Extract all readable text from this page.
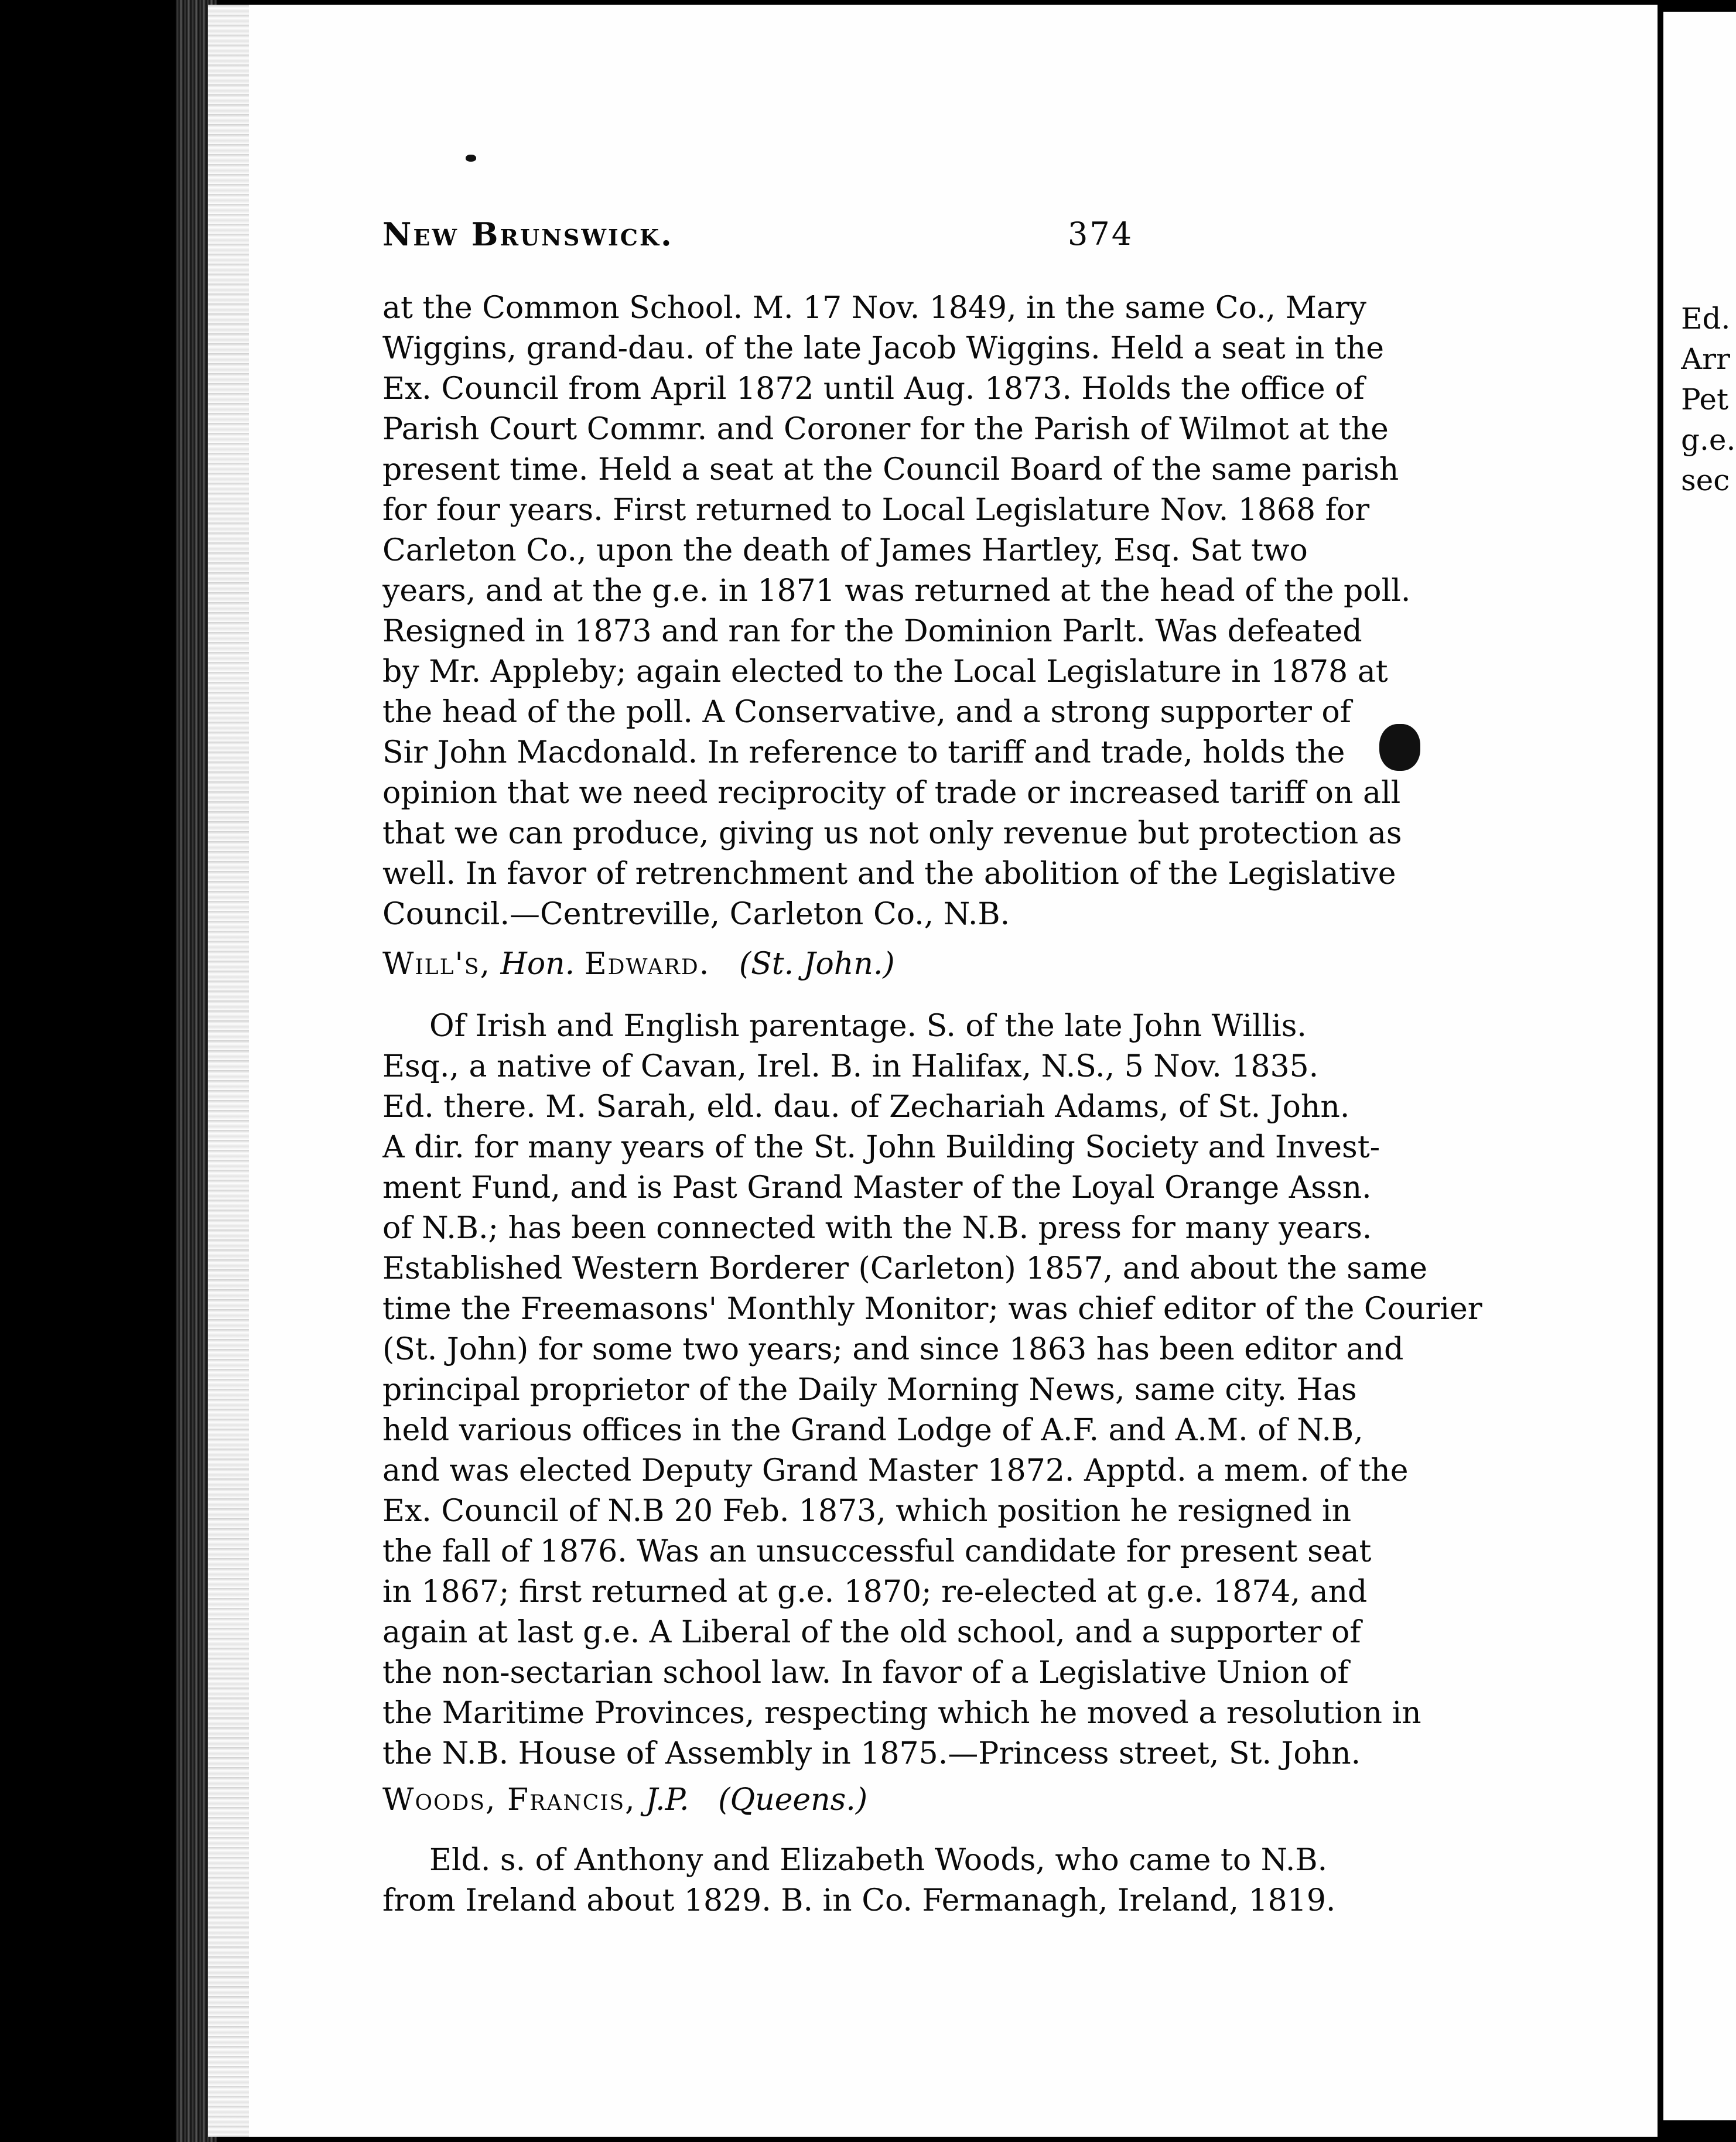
New Brunswick.	374
at the Common School. M. 17 Nov. 1849, in the same Co., Mary
Wiggins, grand-dau. of the late Jacob Wiggins. Held a seat in the
Ex. Council from April 1872 until Aug. 1873. Holds the office of
Parish Court Commr. and Coroner for the Parish of Wilmot at the
present time. Held a seat at the Council Board of the same parish
for four years. First returned to Local Legislature Nov. 1868 for
Carleton Co., upon the death of James Hartley, Esq. Sat two
years, and at the g.e. in 1871 was returned at the head of the poll.
Resigned in 1873 and ran for the Dominion Parlt. Was defeated
by Mr. Appleby; again elected to the Local Legislature in 1878 at
the head of the poll. A Conservative, and a strong supporter of
Sir John Macdonald. In reference to tariff and trade, holds the
opinion that we need reciprocity of trade or increased tariff on all
that we can produce, giving us not only revenue but protection as
well. In favor of retrenchment and the abolition of the Legislative
Council.—Centreville, Carleton Co., N.B.
Will's, Hon. Edward. (St. John.)
Of Irish and English parentage. S. of the late John Willis.
Esq., a native of Cavan, Irel. B. in Halifax, N.S., 5 Nov. 1835.
Ed. there. M. Sarah, eld. dau. of Zechariah Adams, of St. John.
A dir. for many years of the St. John Building Society and Invest-
ment Fund, and is Past Grand Master of the Loyal Orange Assn.
of N.B.; has been connected with the N.B. press for many years.
Established Western Borderer (Carleton) 1857, and about the same
time the Freemasons' Monthly Monitor; was chief editor of the Courier
(St. John) for some two years; and since 1863 has been editor and
principal proprietor of the Daily Morning News, same city. Has
held various offices in the Grand Lodge of A.F. and A.M. of N.B,
and was elected Deputy Grand Master 1872. Apptd. a mem. of the
Ex. Council of N.B 20 Feb. 1873, which position he resigned in
the fall of 1876. Was an unsuccessful candidate for present seat
in 1867; first returned at g.e. 1870; re-elected at g.e. 1874, and
again at last g.e. A Liberal of the old school, and a supporter of
the non-sectarian school law. In favor of a Legislative Union of
the Maritime Provinces, respecting which he moved a resolution in
the N.B. House of Assembly in 1875.—Princess street, St. John.
Woods, Francis, J.P. (Queens.)
Eld. s. of Anthony and Elizabeth Woods, who came to N.B.
from Ireland about 1829. B. in Co. Fermanagh, Ireland, 1819.
Ed.
Arr
Pet
g.e.
sec
